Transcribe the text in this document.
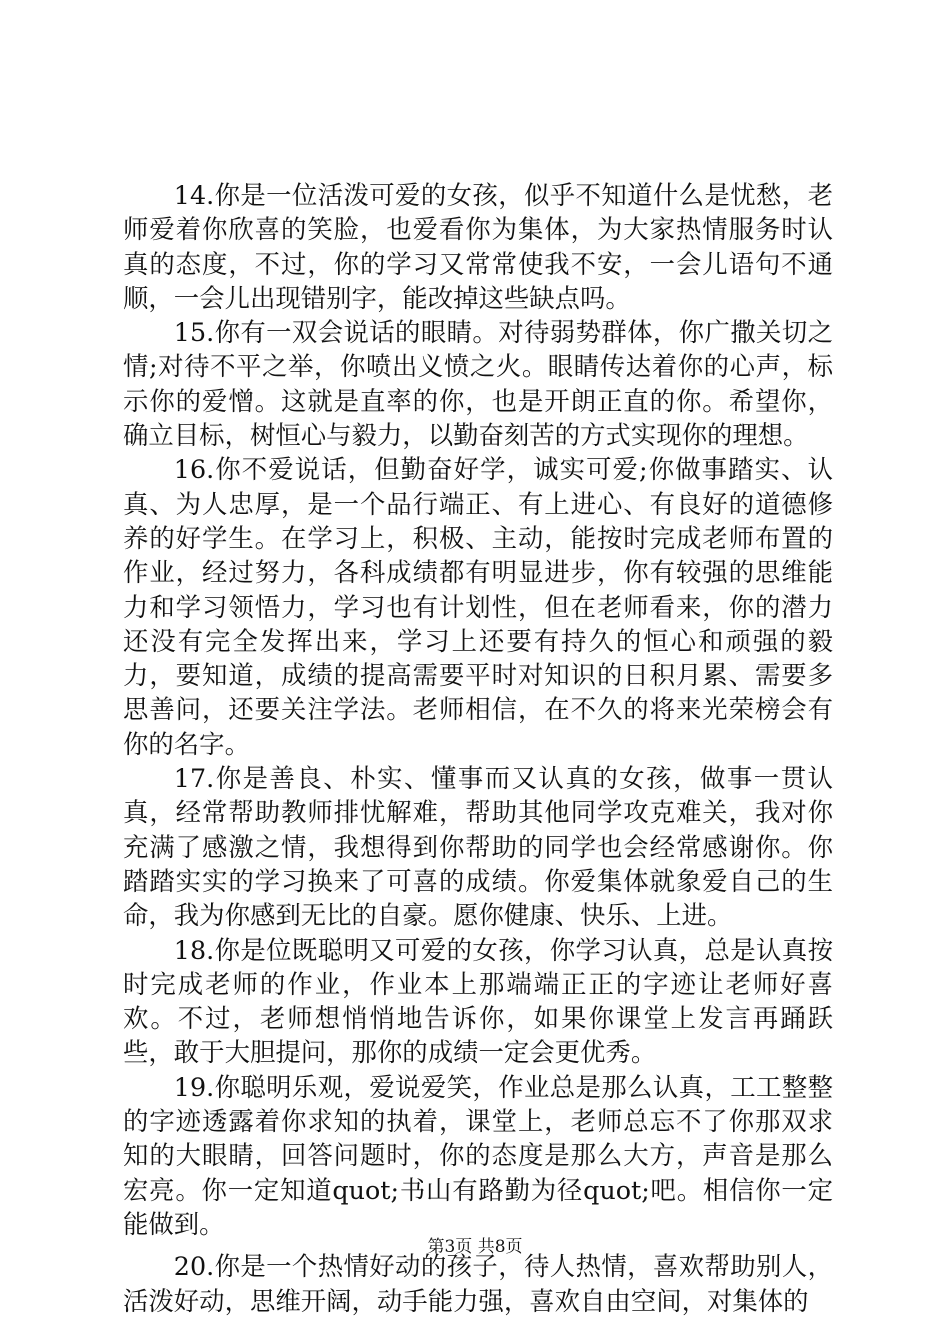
14.你是一位活泼可爱的女孩，似乎不知道什么是忧愁，老师爱着你欣喜的笑脸，也爱看你为集体，为大家热情服务时认真的态度，不过，你的学习又常常使我不安，一会儿语句不通顺，一会儿出现错别字，能改掉这些缺点吗。

15.你有一双会说话的眼睛。对待弱势群体，你广撒关切之情;对待不平之举，你喷出义愤之火。眼睛传达着你的心声，标示你的爱憎。这就是直率的你，也是开朗正直的你。希望你，确立目标，树恒心与毅力，以勤奋刻苦的方式实现你的理想。

16.你不爱说话，但勤奋好学，诚实可爱;你做事踏实、认真、为人忠厚，是一个品行端正、有上进心、有良好的道德修养的好学生。在学习上，积极、主动，能按时完成老师布置的作业，经过努力，各科成绩都有明显进步，你有较强的思维能力和学习领悟力，学习也有计划性，但在老师看来，你的潜力还没有完全发挥出来，学习上还要有持久的恒心和顽强的毅力，要知道，成绩的提高需要平时对知识的日积月累、需要多思善问，还要关注学法。老师相信，在不久的将来光荣榜会有你的名字。

17.你是善良、朴实、懂事而又认真的女孩，做事一贯认真，经常帮助教师排忧解难，帮助其他同学攻克难关，我对你充满了感激之情，我想得到你帮助的同学也会经常感谢你。你踏踏实实的学习换来了可喜的成绩。你爱集体就象爱自己的生命，我为你感到无比的自豪。愿你健康、快乐、上进。

18.你是位既聪明又可爱的女孩，你学习认真，总是认真按时完成老师的作业，作业本上那端端正正的字迹让老师好喜欢。不过，老师想悄悄地告诉你，如果你课堂上发言再踊跃些，敢于大胆提问，那你的成绩一定会更优秀。

19.你聪明乐观，爱说爱笑，作业总是那么认真，工工整整的字迹透露着你求知的执着，课堂上，老师总忘不了你那双求知的大眼睛，回答问题时，你的态度是那么大方，声音是那么宏亮。你一定知道quot;书山有路勤为径quot;吧。相信你一定能做到。

20.你是一个热情好动的孩子，待人热情，喜欢帮助别人，活泼好动，思维开阔，动手能力强，喜欢自由空间，对集体的

第3页 共8页
